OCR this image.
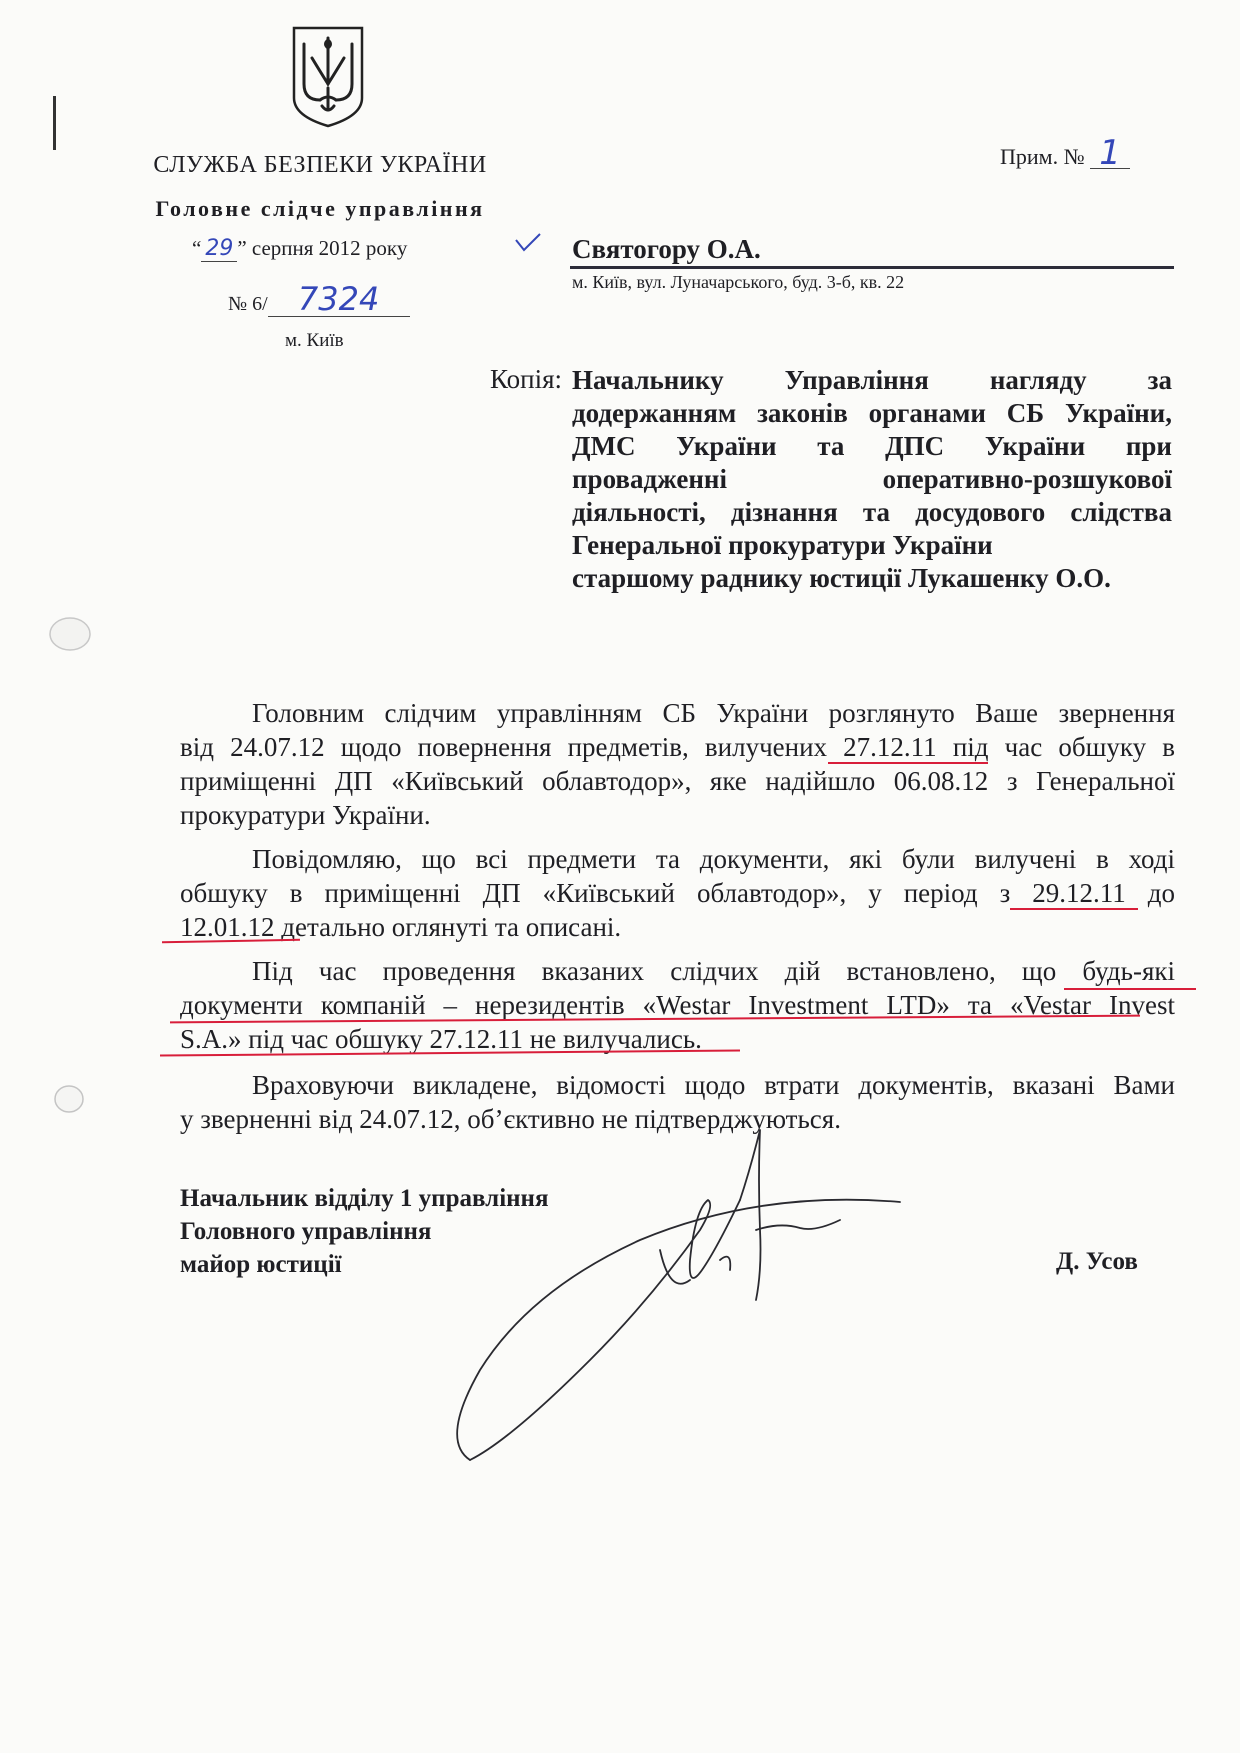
СЛУЖБА БЕЗПЕКИ УКРАЇНИ
Головне слідче управління
“ 29 ” серпня 2012 року
№ 6/ 7324
м. Київ
Прим. № 1
Святогору О.А.
м. Київ, вул. Луначарського, буд. 3-б, кв. 22
Копія: Начальнику Управління нагляду за
додержанням законів органами СБ України,
ДМС України та ДПС України при
провадженні оперативно-розшукової
діяльності, дізнання та досудового слідства
Генеральної прокуратури України
старшому раднику юстиції Лукашенку О.О.
Головним слідчим управлінням СБ України розглянуто Ваше звернення
від 24.07.12 щодо повернення предметів, вилучених 27.12.11 під час обшуку в
приміщенні ДП «Київський облавтодор», яке надійшло 06.08.12 з Генеральної
прокуратури України.
Повідомляю, що всі предмети та документи, які були вилучені в ході
обшуку в приміщенні ДП «Київський облавтодор», у період з 29.12.11 до
12.01.12 детально оглянуті та описані.
Під час проведення вказаних слідчих дій встановлено, що будь-які
документи компаній – нерезидентів «Westar Investment LTD» та «Vestar Invest
S.A.» під час обшуку 27.12.11 не вилучались.
Враховуючи викладене, відомості щодо втрати документів, вказані Вами
у зверненні від 24.07.12, об’єктивно не підтверджуються.
Начальник відділу 1 управління
Головного управління
майор юстиції	Д. Усов
